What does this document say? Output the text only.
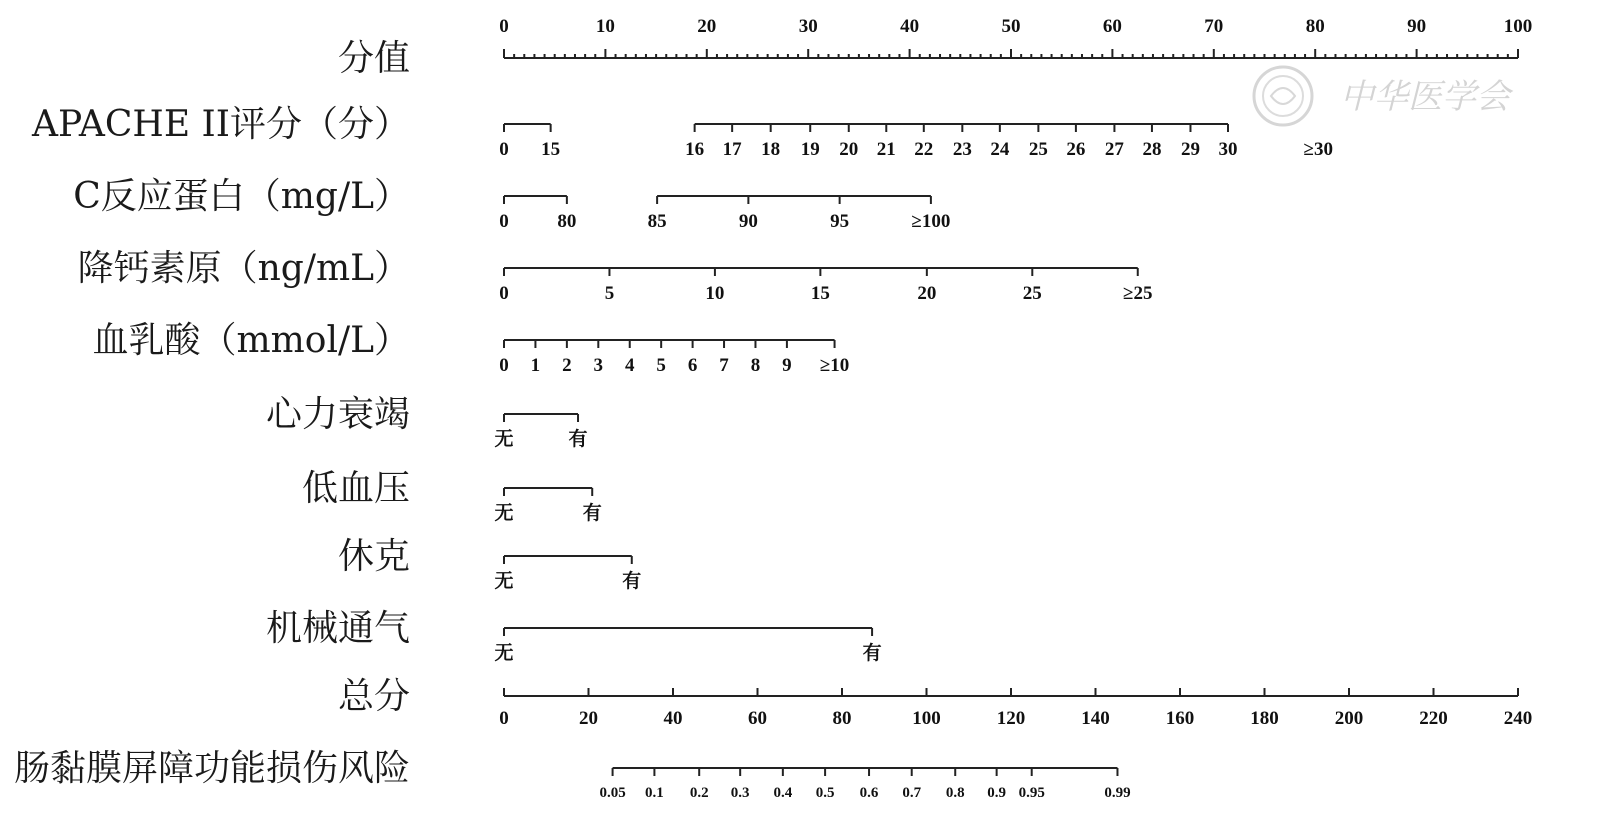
中华医学会
分值
0	10	20	30	40	50	60	70	80	90	100
APACHE II评分（分）
0 15	16 17 18 19 20 21 22 23 24 25 26 27 28 29 30	≥30
C反应蛋白（mg/L）
0	80	85	90	95	≥100
降钙素原（ng/mL）
0	5	10	15	20	25	≥25
血乳酸（mmol/L）
0 1 2 3 4 5 6 7 8 9 ≥10
心力衰竭
无	有
低血压
无	有
休克
无	有
机械通气
无	有
总分
0	20	40	60	80	100	120	140	160	180	200	220	240
肠黏膜屏障功能损伤风险
0.05 0.1 0.2 0.3 0.4 0.5 0.6 0.7 0.8 0.9 0.95	0.99
